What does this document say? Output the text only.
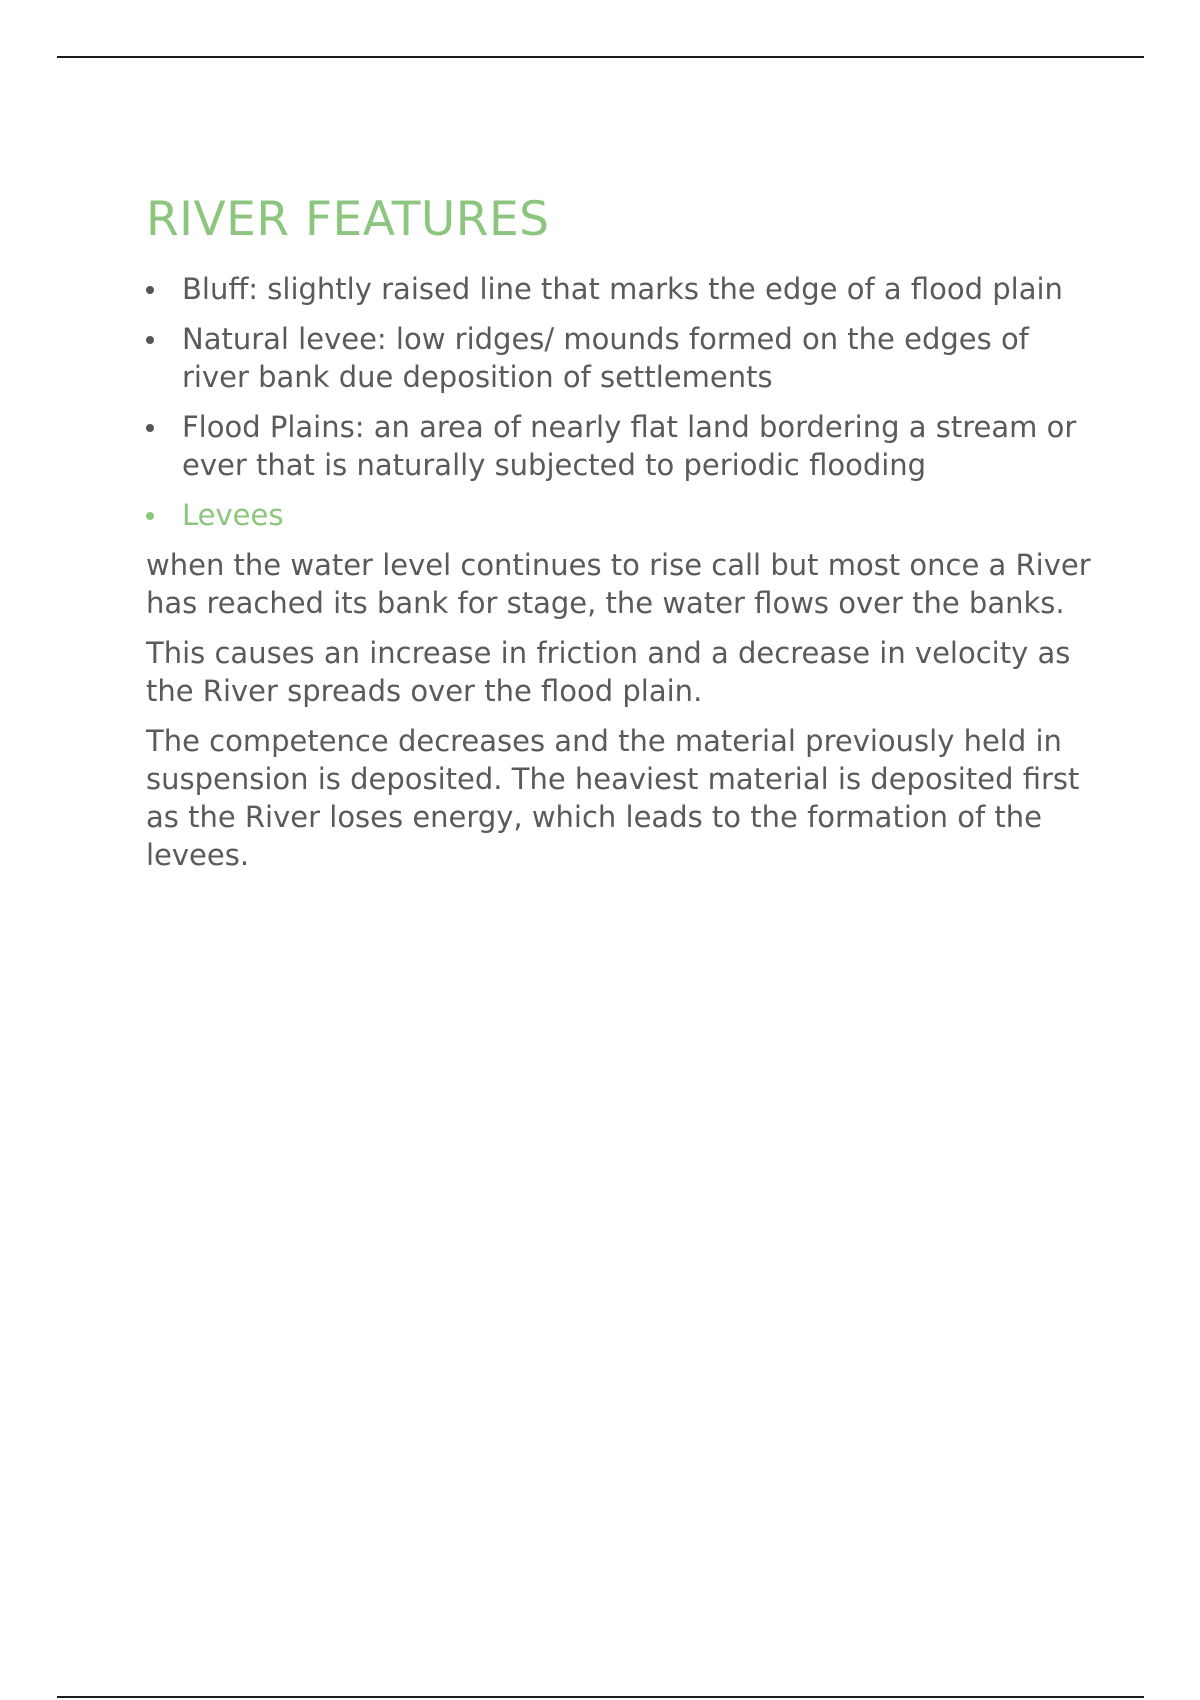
RIVER FEATURES
Bluff: slightly raised line that marks the edge of a flood plain
Natural levee: low ridges/ mounds formed on the edges of river bank due deposition of settlements
Flood Plains: an area of nearly flat land bordering a stream or ever that is naturally subjected to periodic flooding
Levees

when the water level continues to rise call but most once a River has reached its bank for stage, the water flows over the banks.

This causes an increase in friction and a decrease in velocity as the River spreads over the flood plain.

The competence decreases and the material previously held in suspension is deposited. The heaviest material is deposited first as the River loses energy, which leads to the formation of the levees.
